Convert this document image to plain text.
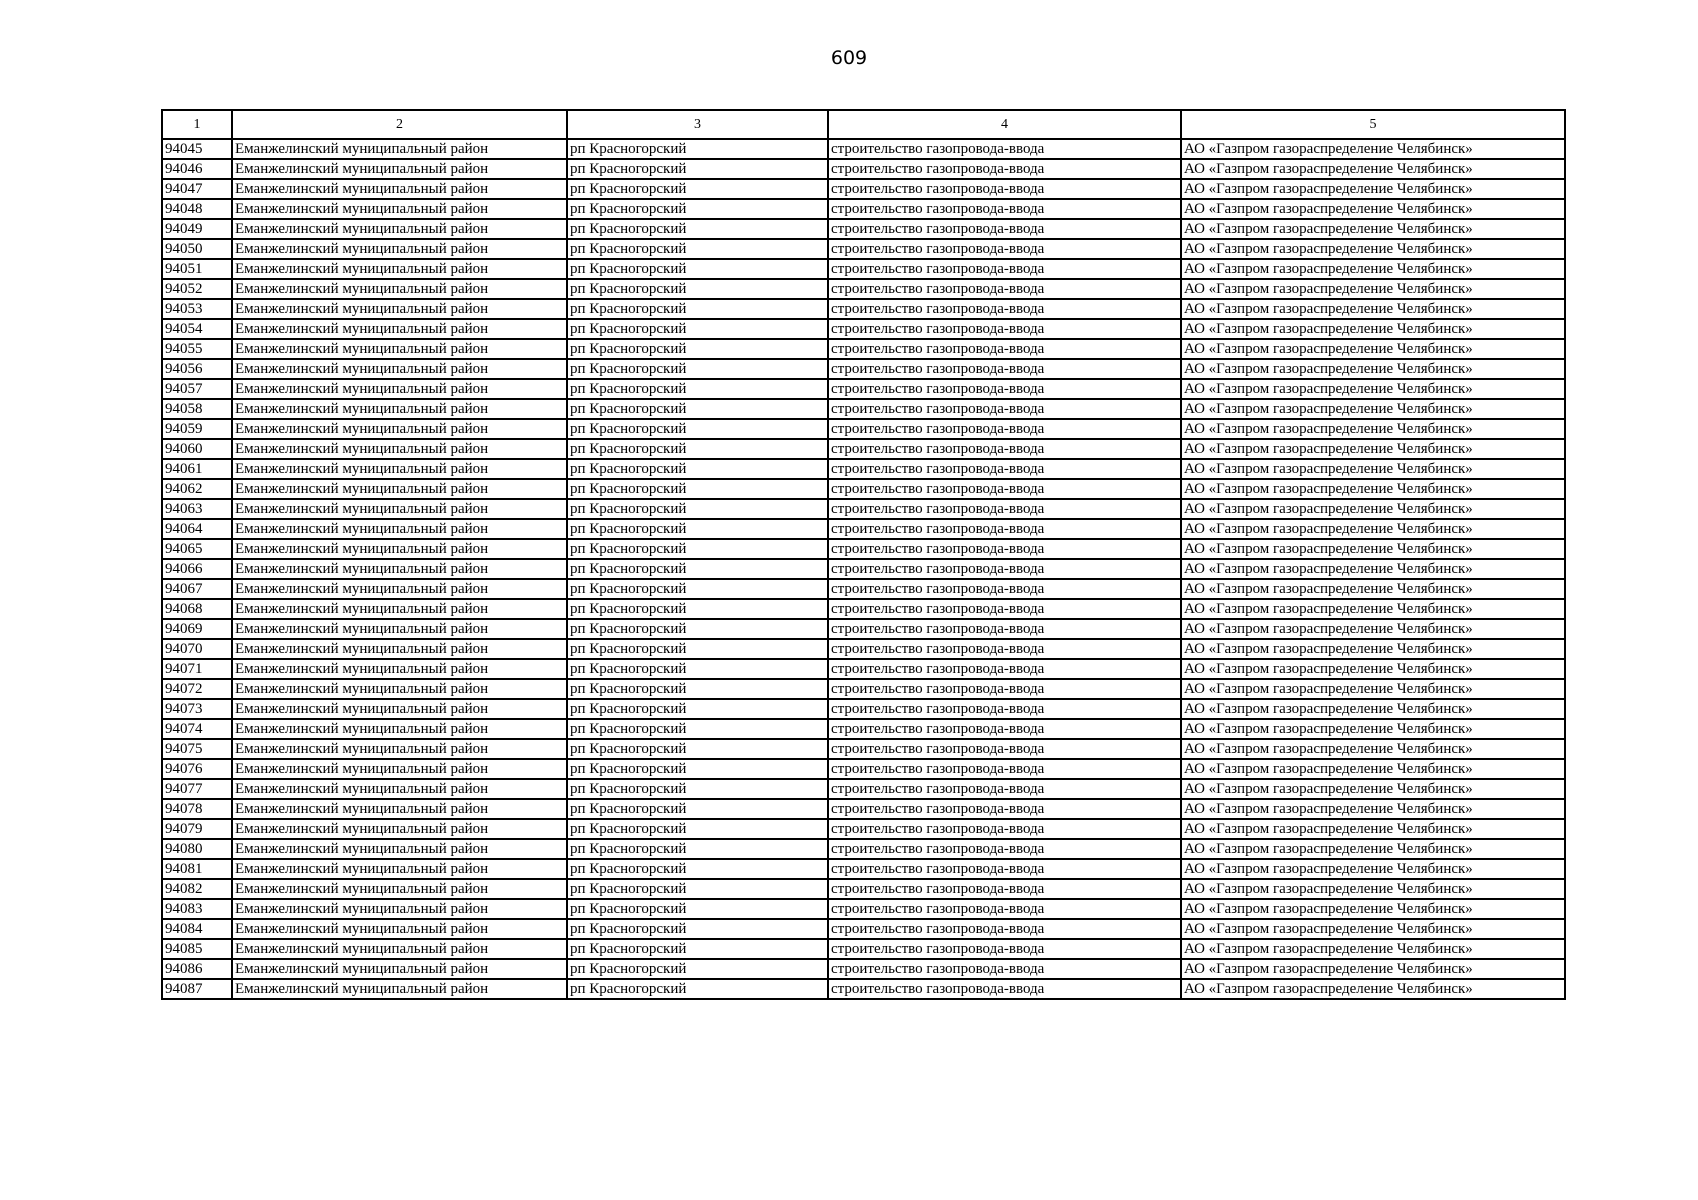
609
1	2	3	4	5
94045	Еманжелинский муниципальный район	рп Красногорский	строительство газопровода-ввода	АО «Газпром газораспределение Челябинск»
94046	Еманжелинский муниципальный район	рп Красногорский	строительство газопровода-ввода	АО «Газпром газораспределение Челябинск»
94047	Еманжелинский муниципальный район	рп Красногорский	строительство газопровода-ввода	АО «Газпром газораспределение Челябинск»
94048	Еманжелинский муниципальный район	рп Красногорский	строительство газопровода-ввода	АО «Газпром газораспределение Челябинск»
94049	Еманжелинский муниципальный район	рп Красногорский	строительство газопровода-ввода	АО «Газпром газораспределение Челябинск»
94050	Еманжелинский муниципальный район	рп Красногорский	строительство газопровода-ввода	АО «Газпром газораспределение Челябинск»
94051	Еманжелинский муниципальный район	рп Красногорский	строительство газопровода-ввода	АО «Газпром газораспределение Челябинск»
94052	Еманжелинский муниципальный район	рп Красногорский	строительство газопровода-ввода	АО «Газпром газораспределение Челябинск»
94053	Еманжелинский муниципальный район	рп Красногорский	строительство газопровода-ввода	АО «Газпром газораспределение Челябинск»
94054	Еманжелинский муниципальный район	рп Красногорский	строительство газопровода-ввода	АО «Газпром газораспределение Челябинск»
94055	Еманжелинский муниципальный район	рп Красногорский	строительство газопровода-ввода	АО «Газпром газораспределение Челябинск»
94056	Еманжелинский муниципальный район	рп Красногорский	строительство газопровода-ввода	АО «Газпром газораспределение Челябинск»
94057	Еманжелинский муниципальный район	рп Красногорский	строительство газопровода-ввода	АО «Газпром газораспределение Челябинск»
94058	Еманжелинский муниципальный район	рп Красногорский	строительство газопровода-ввода	АО «Газпром газораспределение Челябинск»
94059	Еманжелинский муниципальный район	рп Красногорский	строительство газопровода-ввода	АО «Газпром газораспределение Челябинск»
94060	Еманжелинский муниципальный район	рп Красногорский	строительство газопровода-ввода	АО «Газпром газораспределение Челябинск»
94061	Еманжелинский муниципальный район	рп Красногорский	строительство газопровода-ввода	АО «Газпром газораспределение Челябинск»
94062	Еманжелинский муниципальный район	рп Красногорский	строительство газопровода-ввода	АО «Газпром газораспределение Челябинск»
94063	Еманжелинский муниципальный район	рп Красногорский	строительство газопровода-ввода	АО «Газпром газораспределение Челябинск»
94064	Еманжелинский муниципальный район	рп Красногорский	строительство газопровода-ввода	АО «Газпром газораспределение Челябинск»
94065	Еманжелинский муниципальный район	рп Красногорский	строительство газопровода-ввода	АО «Газпром газораспределение Челябинск»
94066	Еманжелинский муниципальный район	рп Красногорский	строительство газопровода-ввода	АО «Газпром газораспределение Челябинск»
94067	Еманжелинский муниципальный район	рп Красногорский	строительство газопровода-ввода	АО «Газпром газораспределение Челябинск»
94068	Еманжелинский муниципальный район	рп Красногорский	строительство газопровода-ввода	АО «Газпром газораспределение Челябинск»
94069	Еманжелинский муниципальный район	рп Красногорский	строительство газопровода-ввода	АО «Газпром газораспределение Челябинск»
94070	Еманжелинский муниципальный район	рп Красногорский	строительство газопровода-ввода	АО «Газпром газораспределение Челябинск»
94071	Еманжелинский муниципальный район	рп Красногорский	строительство газопровода-ввода	АО «Газпром газораспределение Челябинск»
94072	Еманжелинский муниципальный район	рп Красногорский	строительство газопровода-ввода	АО «Газпром газораспределение Челябинск»
94073	Еманжелинский муниципальный район	рп Красногорский	строительство газопровода-ввода	АО «Газпром газораспределение Челябинск»
94074	Еманжелинский муниципальный район	рп Красногорский	строительство газопровода-ввода	АО «Газпром газораспределение Челябинск»
94075	Еманжелинский муниципальный район	рп Красногорский	строительство газопровода-ввода	АО «Газпром газораспределение Челябинск»
94076	Еманжелинский муниципальный район	рп Красногорский	строительство газопровода-ввода	АО «Газпром газораспределение Челябинск»
94077	Еманжелинский муниципальный район	рп Красногорский	строительство газопровода-ввода	АО «Газпром газораспределение Челябинск»
94078	Еманжелинский муниципальный район	рп Красногорский	строительство газопровода-ввода	АО «Газпром газораспределение Челябинск»
94079	Еманжелинский муниципальный район	рп Красногорский	строительство газопровода-ввода	АО «Газпром газораспределение Челябинск»
94080	Еманжелинский муниципальный район	рп Красногорский	строительство газопровода-ввода	АО «Газпром газораспределение Челябинск»
94081	Еманжелинский муниципальный район	рп Красногорский	строительство газопровода-ввода	АО «Газпром газораспределение Челябинск»
94082	Еманжелинский муниципальный район	рп Красногорский	строительство газопровода-ввода	АО «Газпром газораспределение Челябинск»
94083	Еманжелинский муниципальный район	рп Красногорский	строительство газопровода-ввода	АО «Газпром газораспределение Челябинск»
94084	Еманжелинский муниципальный район	рп Красногорский	строительство газопровода-ввода	АО «Газпром газораспределение Челябинск»
94085	Еманжелинский муниципальный район	рп Красногорский	строительство газопровода-ввода	АО «Газпром газораспределение Челябинск»
94086	Еманжелинский муниципальный район	рп Красногорский	строительство газопровода-ввода	АО «Газпром газораспределение Челябинск»
94087	Еманжелинский муниципальный район	рп Красногорский	строительство газопровода-ввода	АО «Газпром газораспределение Челябинск»
